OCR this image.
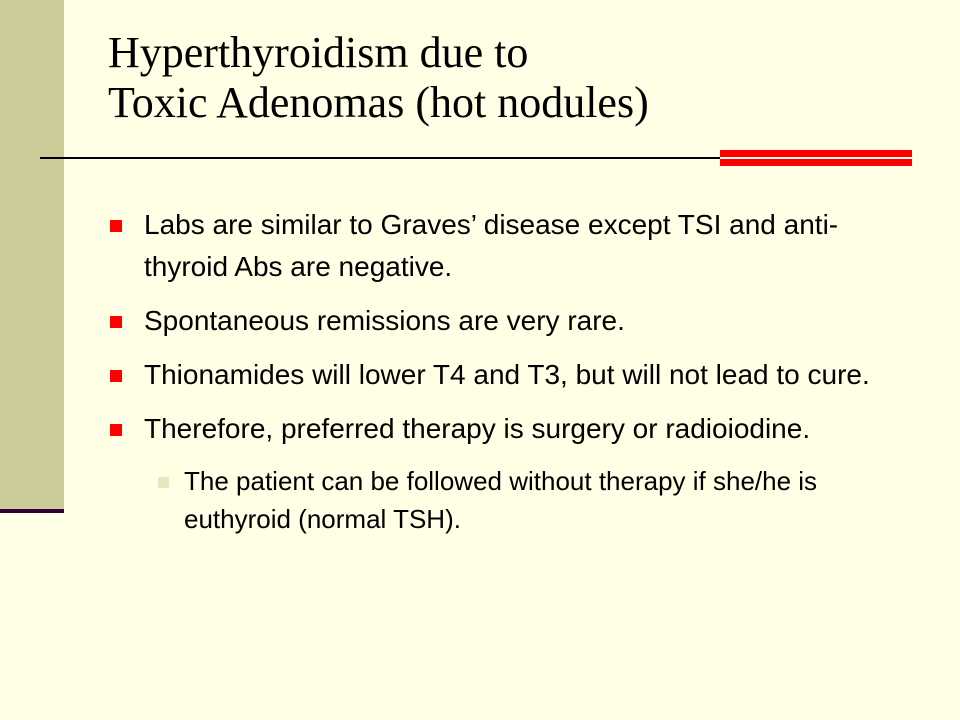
Hyperthyroidism due to
Toxic Adenomas (hot nodules)
Labs are similar to Graves’ disease except TSI and anti-thyroid Abs are negative.
Spontaneous remissions are very rare.
Thionamides will lower T4 and T3, but will not lead to cure.
Therefore, preferred therapy is surgery or radioiodine.
The patient can be followed without therapy if she/he is euthyroid (normal TSH).
